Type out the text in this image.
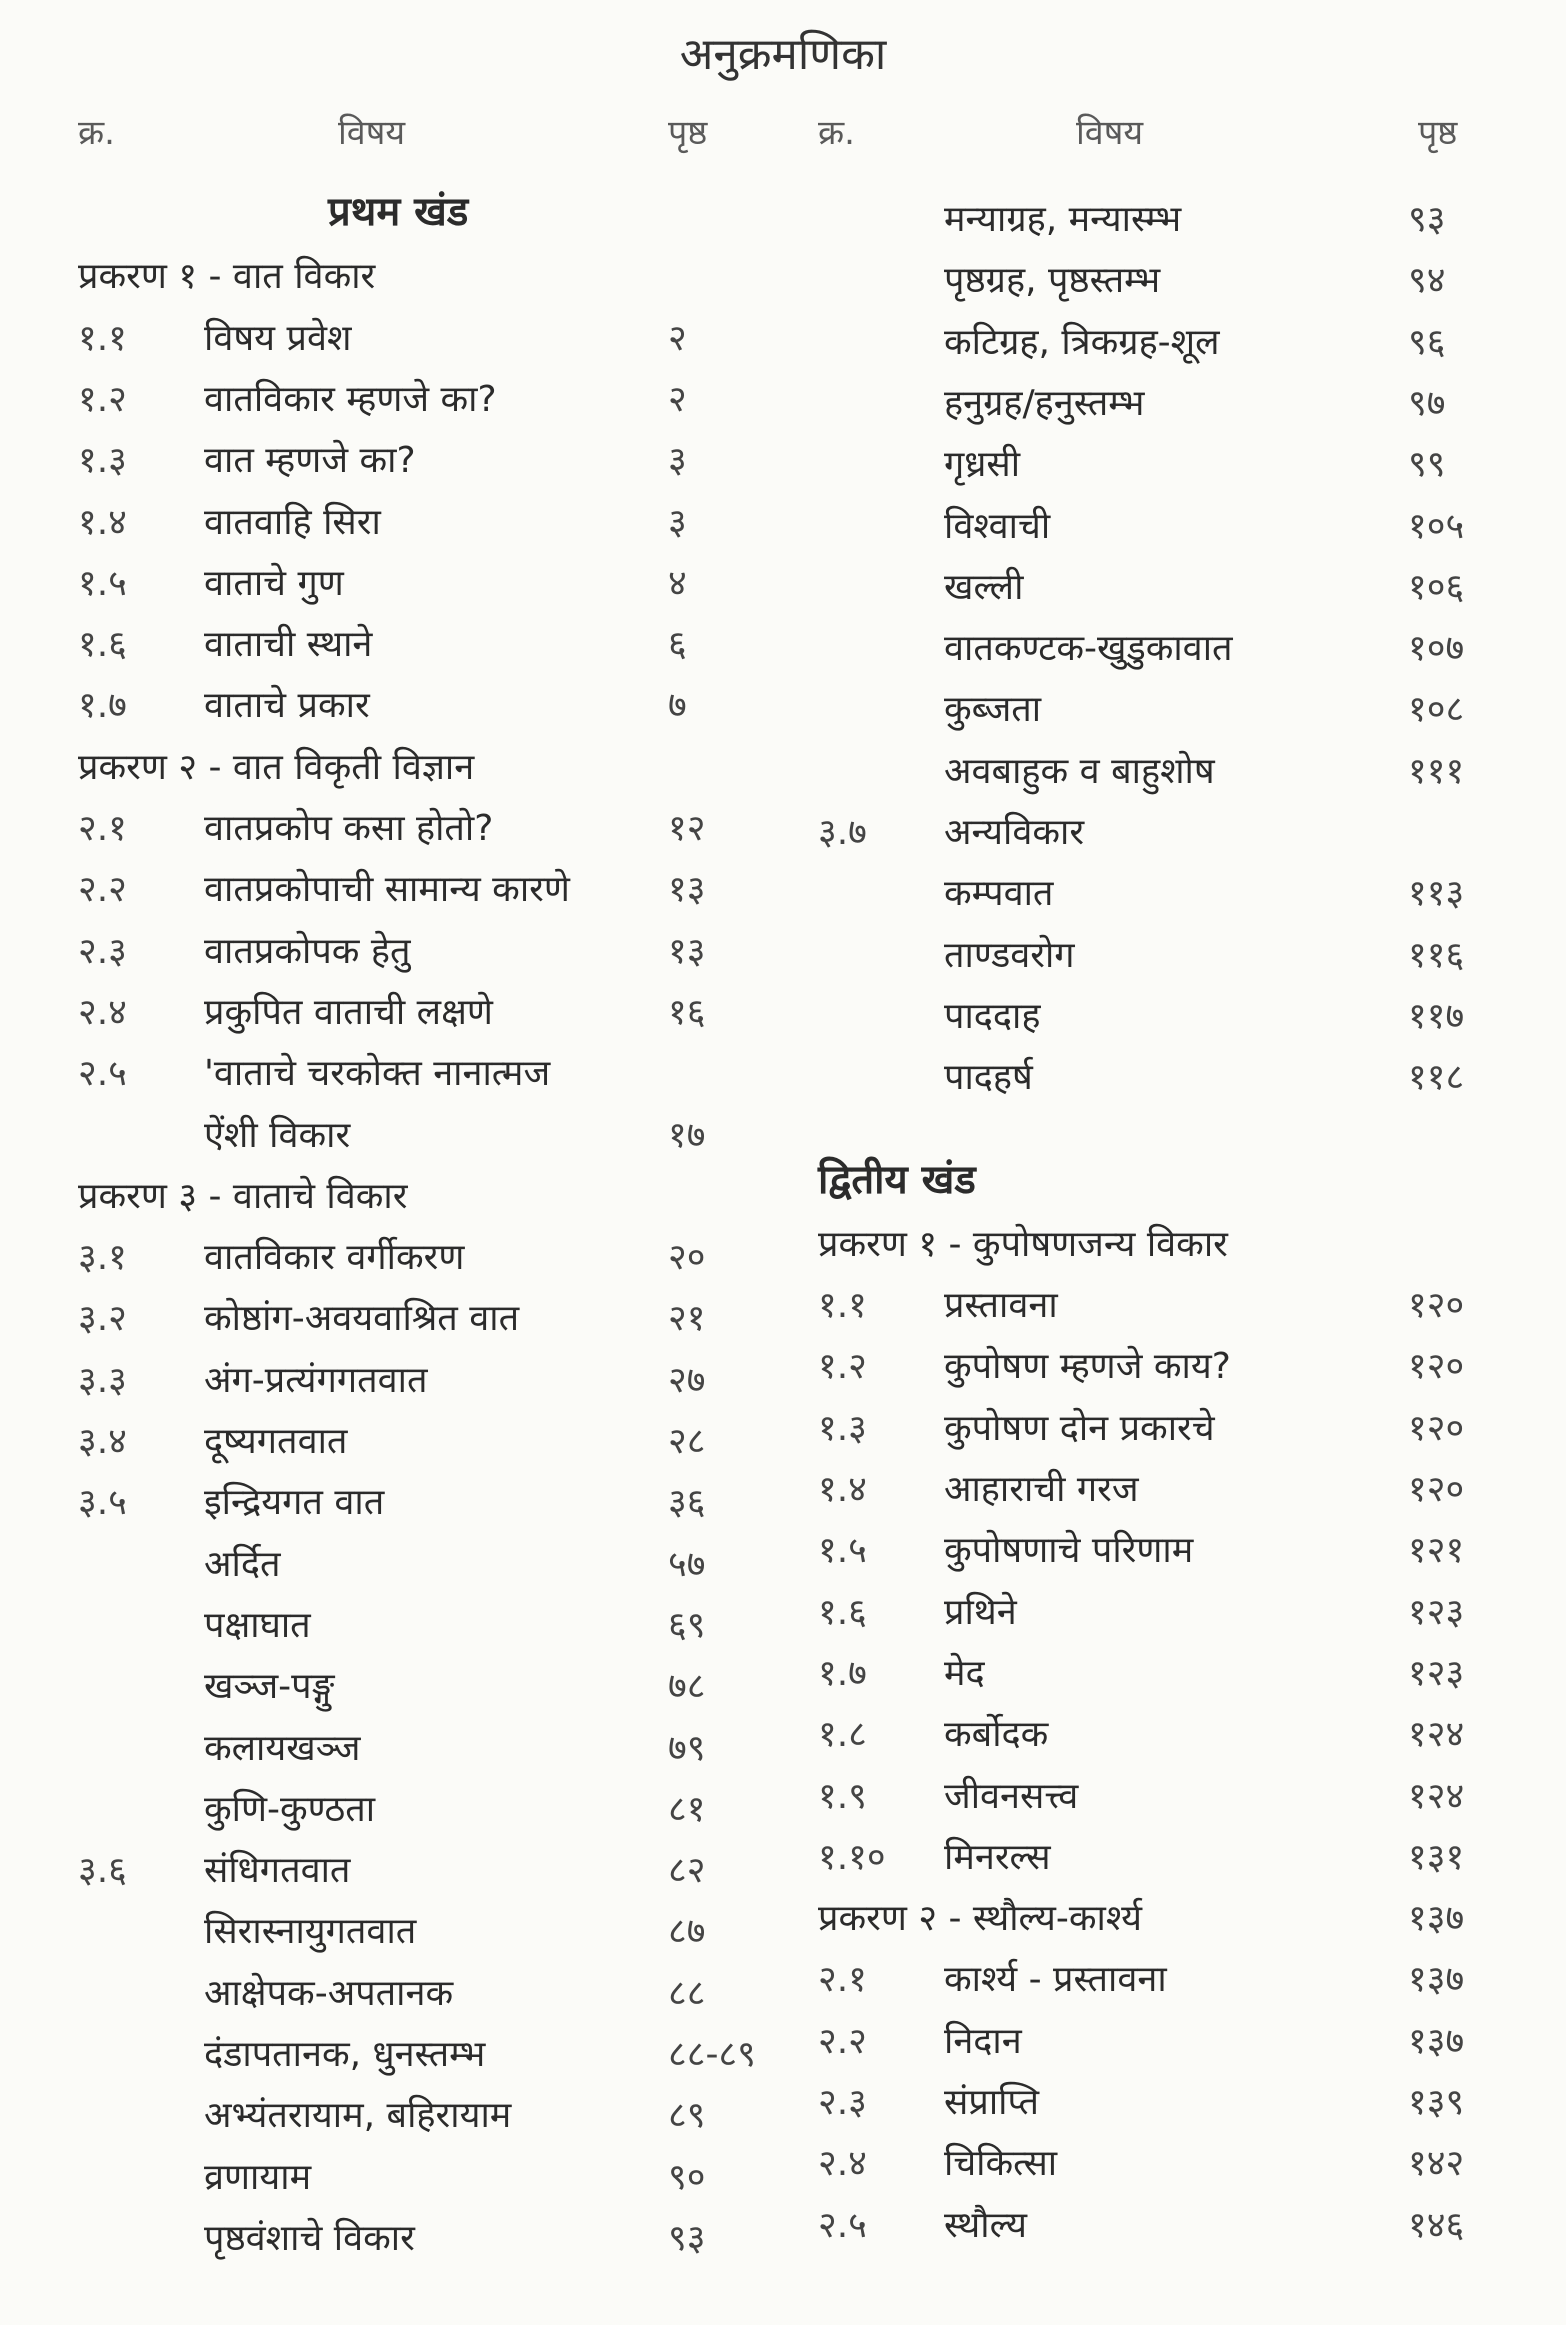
अनुक्रमणिका
क्र.	विषय	पृष्ठ	क्र.	विषय	पृष्ठ
प्रथम खंड
प्रकरण १ - वात विकार
१.१ विषय प्रवेश	२
१.२ वातविकार म्हणजे का?	२
१.३ वात म्हणजे का?	३
१.४ वातवाहि सिरा	३
१.५ वाताचे गुण	४
१.६ वाताची स्थाने	६
१.७ वाताचे प्रकार	७
प्रकरण २ - वात विकृती विज्ञान
२.१ वातप्रकोप कसा होतो?	१२
२.२ वातप्रकोपाची सामान्य कारणे	१३
२.३ वातप्रकोपक हेतु	१३
२.४ प्रकुपित वाताची लक्षणे	१६
२.५ 'वाताचे चरकोक्त नानात्मज
ऐंशी विकार	१७
प्रकरण ३ - वाताचे विकार
३.१ वातविकार वर्गीकरण	२०
३.२ कोष्ठांग-अवयवाश्रित वात	२१
३.३ अंग-प्रत्यंगगतवात	२७
३.४ दूष्यगतवात	२८
३.५ इन्द्रियगत वात	३६
अर्दित	५७
पक्षाघात	६९
खञ्ज-पङ्गु	७८
कलायखञ्ज	७९
कुणि-कुण्ठता	८१
३.६ संधिगतवात	८२
सिरास्नायुगतवात	८७
आक्षेपक-अपतानक	८८
दंडापतानक, धुनस्तम्भ	८८-८९
अभ्यंतरायाम, बहिरायाम	८९
व्रणायाम	९०
पृष्ठवंशाचे विकार	९३
मन्याग्रह, मन्यास्म्भ	९३
पृष्ठग्रह, पृष्ठस्तम्भ	९४
कटिग्रह, त्रिकग्रह-शूल	९६
हनुग्रह/हनुस्तम्भ	९७
गृध्रसी	९९
विश्वाची	१०५
खल्ली	१०६
वातकण्टक-खुडुकावात	१०७
कुब्जता	१०८
अवबाहुक व बाहुशोष	१११
३.७ अन्यविकार
कम्पवात	११३
ताण्डवरोग	११६
पाददाह	११७
पादहर्ष	११८
द्वितीय खंड
प्रकरण १ - कुपोषणजन्य विकार
१.१ प्रस्तावना	१२०
१.२ कुपोषण म्हणजे काय?	१२०
१.३ कुपोषण दोन प्रकारचे	१२०
१.४ आहाराची गरज	१२०
१.५ कुपोषणाचे परिणाम	१२१
१.६ प्रथिने	१२३
१.७ मेद	१२३
१.८ कर्बोदक	१२४
१.९ जीवनसत्त्व	१२४
१.१० मिनरल्स	१३१
प्रकरण २ - स्थौल्य-कार्श्य	१३७
२.१ कार्श्य - प्रस्तावना	१३७
२.२ निदान	१३७
२.३ संप्राप्ति	१३९
२.४ चिकित्सा	१४२
२.५ स्थौल्य	१४६
